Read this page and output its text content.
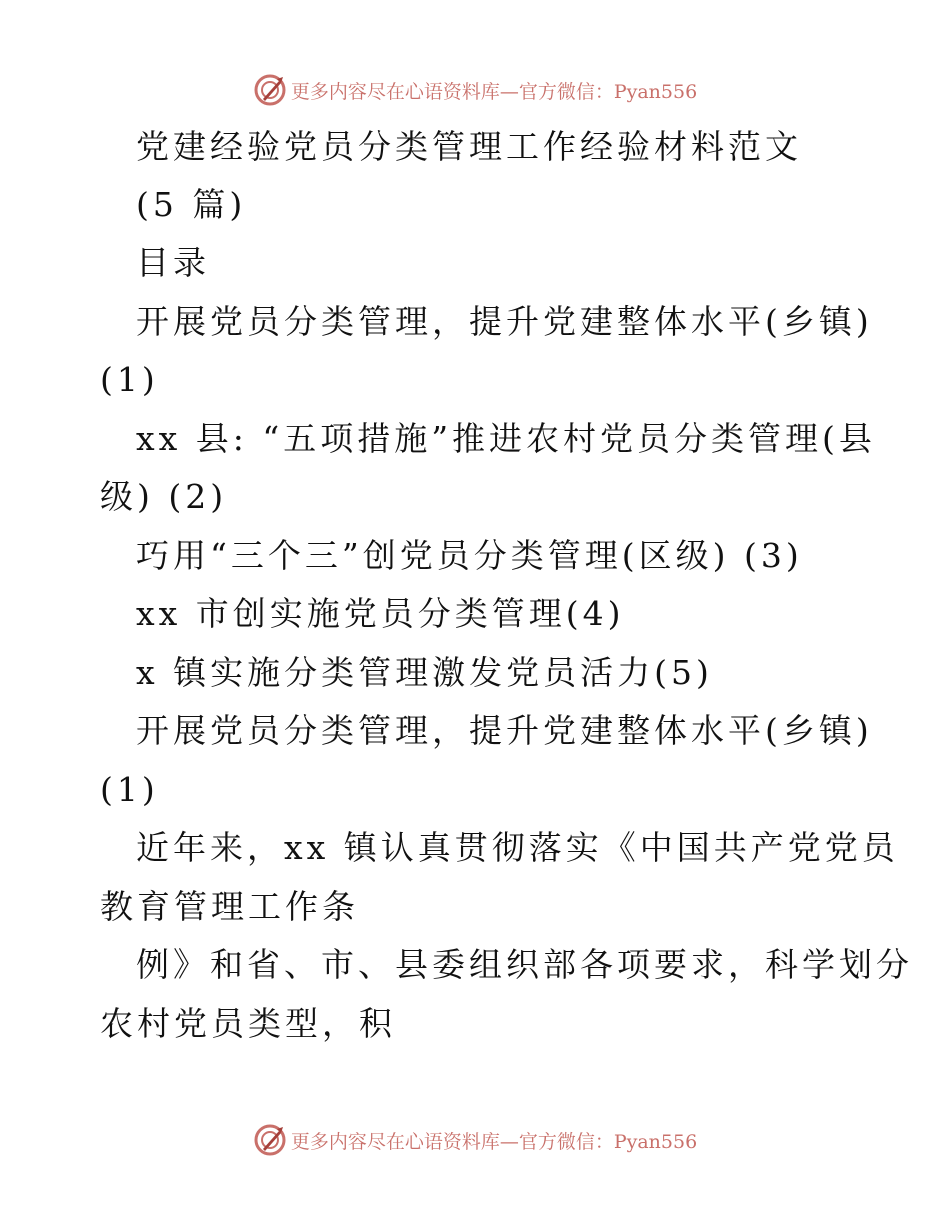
更多内容尽在心语资料库—官方微信：Pyan556
党建经验党员分类管理工作经验材料范文
(5 篇)
目录
开展党员分类管理，提升党建整体水平(乡镇)
(1)
xx 县: “五项措施”推进农村党员分类管理(县
级) (2)
巧用“三个三”创党员分类管理(区级) (3)
xx 市创实施党员分类管理(4)
x 镇实施分类管理激发党员活力(5)
开展党员分类管理，提升党建整体水平(乡镇)
(1)
近年来，xx 镇认真贯彻落实《中国共产党党员
教育管理工作条
例》和省、市、县委组织部各项要求，科学划分
农村党员类型，积
更多内容尽在心语资料库—官方微信：Pyan556
